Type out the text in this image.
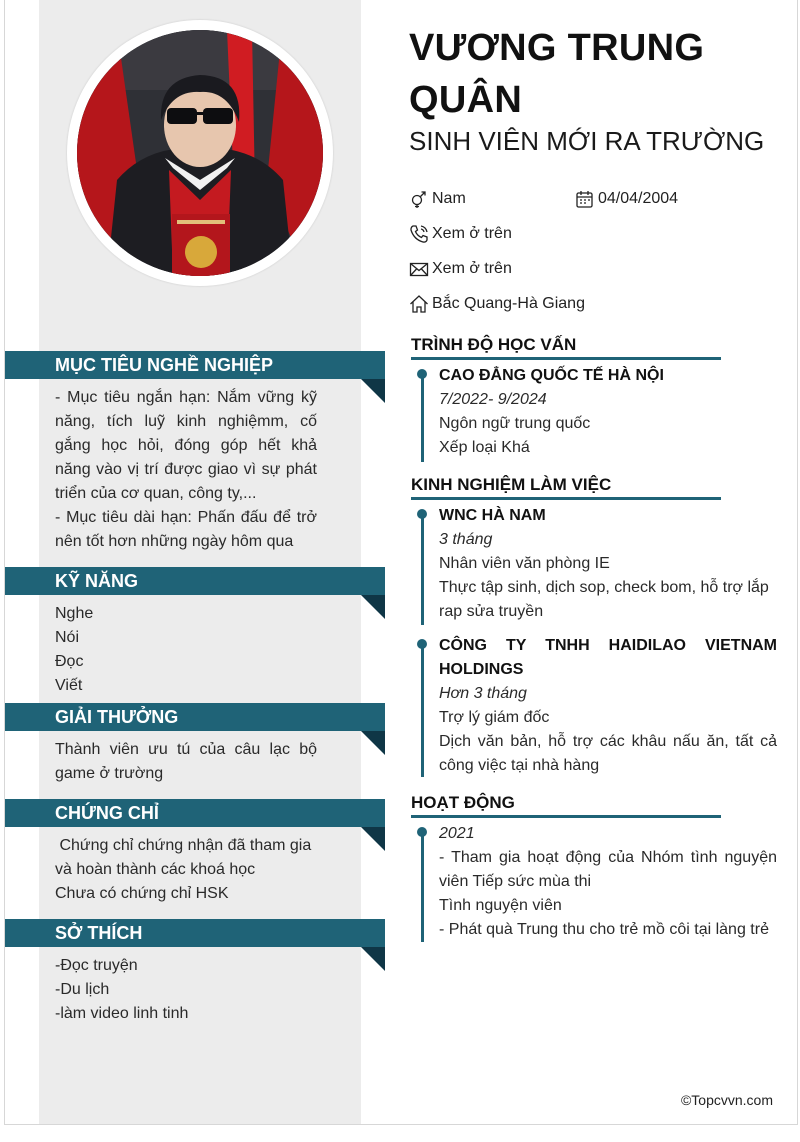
MỤC TIÊU NGHỀ NGHIỆP
- Mục tiêu ngắn hạn: Nắm vững kỹ năng, tích luỹ kinh nghiệmm, cố gắng học hỏi, đóng góp hết khả năng vào vị trí được giao vì sự phát triển của cơ quan, công ty,...
- Mục tiêu dài hạn: Phấn đấu để trở nên tốt hơn những ngày hôm qua
KỸ NĂNG
Nghe
Nói
Đọc
Viết
GIẢI THƯỞNG
Thành viên ưu tú của câu lạc bộ game ở trường
CHỨNG CHỈ
Chứng chỉ chứng nhận đã tham gia và hoàn thành các khoá học
Chưa có chứng chỉ HSK
SỞ THÍCH
-Đọc truyện
-Du lịch
-làm video linh tinh
VƯƠNG TRUNG QUÂN
SINH VIÊN MỚI RA TRƯỜNG
Nam	04/04/2004
Xem ở trên
Xem ở trên
Bắc Quang-Hà Giang
TRÌNH ĐỘ HỌC VẤN
CAO ĐẲNG QUỐC TẾ HÀ NỘI
7/2022- 9/2024
Ngôn ngữ trung quốc
Xếp loại Khá
KINH NGHIỆM LÀM VIỆC
WNC HÀ NAM
3 tháng
Nhân viên văn phòng IE
Thực tập sinh, dịch sop, check bom, hỗ trợ lắp rap sửa truyền
CÔNG TY TNHH HAIDILAO VIETNAM HOLDINGS
Hơn 3 tháng
Trợ lý giám đốc
Dịch văn bản, hỗ trợ các khâu nấu ăn, tất cả công việc tại nhà hàng
HOẠT ĐỘNG
2021
- Tham gia hoạt động của Nhóm tình nguyện viên Tiếp sức mùa thi
Tình nguyện viên
- Phát quà Trung thu cho trẻ mồ côi tại làng trẻ
©Topcvvn.com
